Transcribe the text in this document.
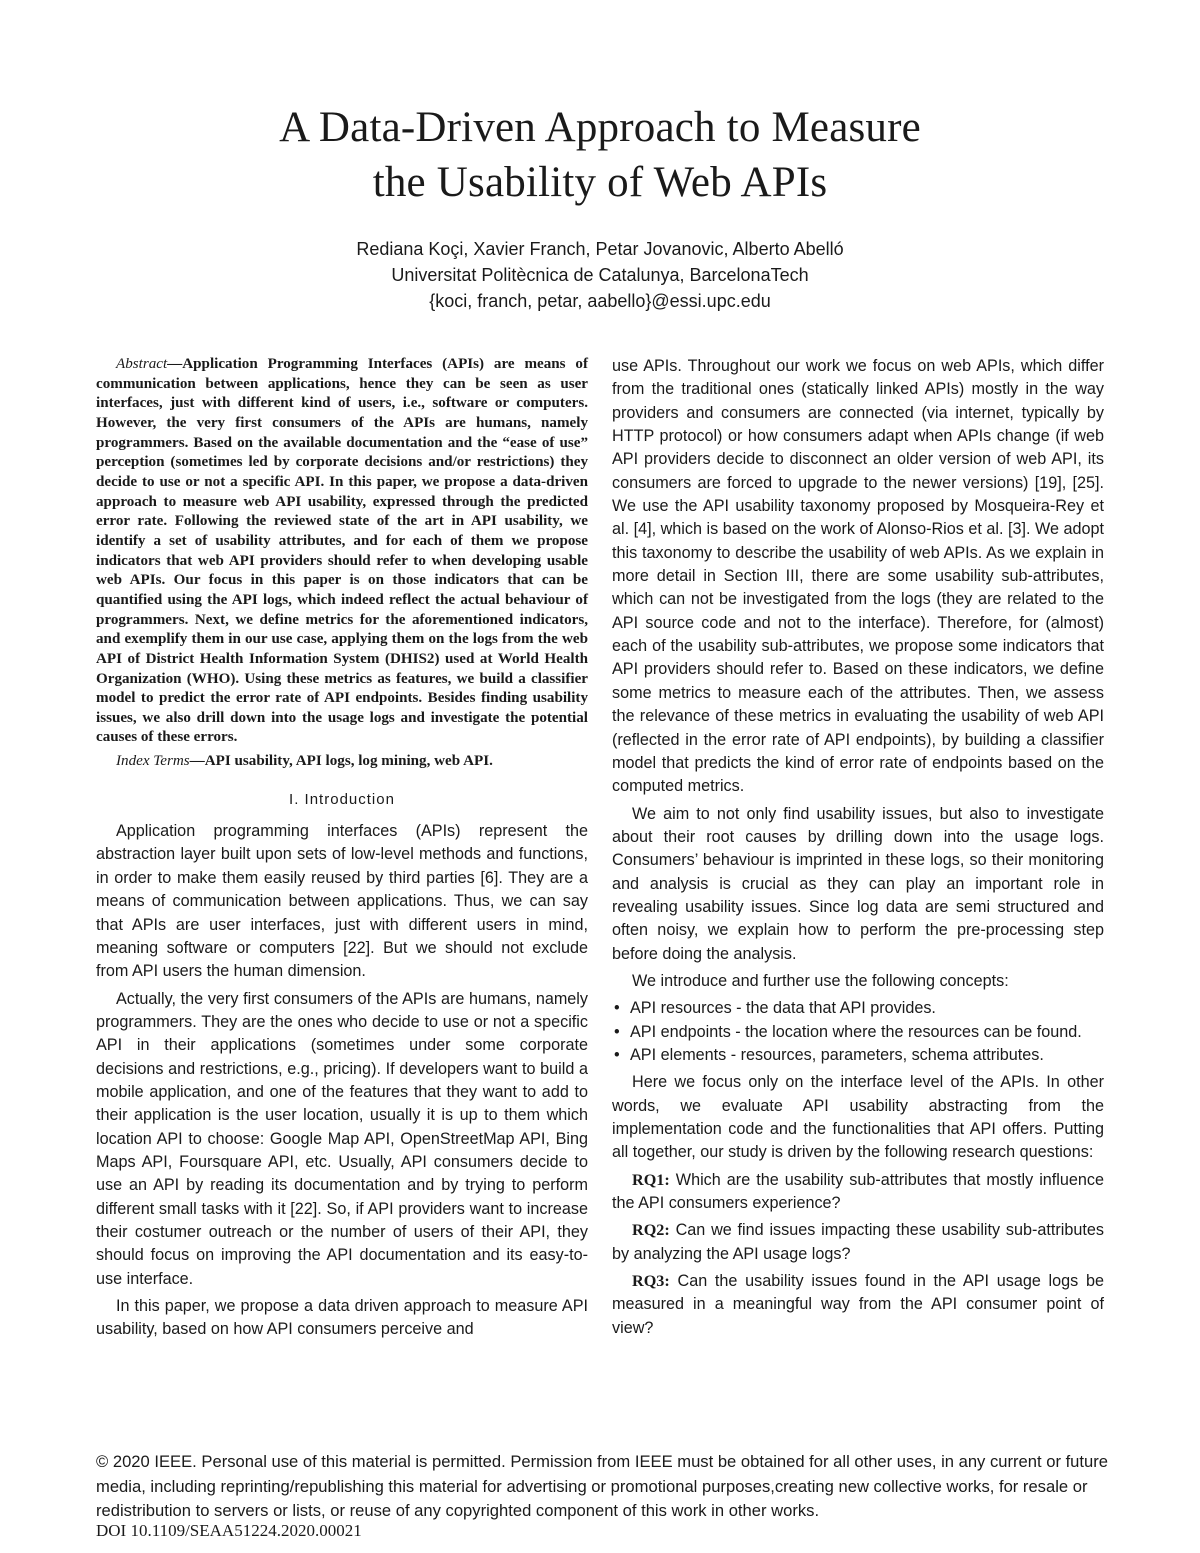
A Data-Driven Approach to Measure
the Usability of Web APIs
Rediana Koçi, Xavier Franch, Petar Jovanovic, Alberto Abelló
Universitat Politècnica de Catalunya, BarcelonaTech
{koci, franch, petar, aabello}@essi.upc.edu

Abstract—Application Programming Interfaces (APIs) are means of communication between applications, hence they can be seen as user interfaces, just with different kind of users, i.e., software or computers. However, the very first consumers of the APIs are humans, namely programmers. Based on the available documentation and the “ease of use” perception (sometimes led by corporate decisions and/or restrictions) they decide to use or not a specific API. In this paper, we propose a data-driven approach to measure web API usability, expressed through the predicted error rate. Following the reviewed state of the art in API usability, we identify a set of usability attributes, and for each of them we propose indicators that web API providers should refer to when developing usable web APIs. Our focus in this paper is on those indicators that can be quantified using the API logs, which indeed reflect the actual behaviour of programmers. Next, we define metrics for the aforementioned indicators, and exemplify them in our use case, applying them on the logs from the web API of District Health Information System (DHIS2) used at World Health Organization (WHO). Using these metrics as features, we build a classifier model to predict the error rate of API endpoints. Besides finding usability issues, we also drill down into the usage logs and investigate the potential causes of these errors.

Index Terms—API usability, API logs, log mining, web API.

I. Introduction

Application programming interfaces (APIs) represent the abstraction layer built upon sets of low-level methods and functions, in order to make them easily reused by third parties [6]. They are a means of communication between applications. Thus, we can say that APIs are user interfaces, just with different users in mind, meaning software or computers [22]. But we should not exclude from API users the human dimension.

Actually, the very first consumers of the APIs are humans, namely programmers. They are the ones who decide to use or not a specific API in their applications (sometimes under some corporate decisions and restrictions, e.g., pricing). If developers want to build a mobile application, and one of the features that they want to add to their application is the user location, usually it is up to them which location API to choose: Google Map API, OpenStreetMap API, Bing Maps API, Foursquare API, etc. Usually, API consumers decide to use an API by reading its documentation and by trying to perform different small tasks with it [22]. So, if API providers want to increase their costumer outreach or the number of users of their API, they should focus on improving the API documentation and its easy-to-use interface.

In this paper, we propose a data driven approach to measure API usability, based on how API consumers perceive and

use APIs. Throughout our work we focus on web APIs, which differ from the traditional ones (statically linked APIs) mostly in the way providers and consumers are connected (via internet, typically by HTTP protocol) or how consumers adapt when APIs change (if web API providers decide to disconnect an older version of web API, its consumers are forced to upgrade to the newer versions) [19], [25]. We use the API usability taxonomy proposed by Mosqueira-Rey et al. [4], which is based on the work of Alonso-Rios et al. [3]. We adopt this taxonomy to describe the usability of web APIs. As we explain in more detail in Section III, there are some usability sub-attributes, which can not be investigated from the logs (they are related to the API source code and not to the interface). Therefore, for (almost) each of the usability sub-attributes, we propose some indicators that API providers should refer to. Based on these indicators, we define some metrics to measure each of the attributes. Then, we assess the relevance of these metrics in evaluating the usability of web API (reflected in the error rate of API endpoints), by building a classifier model that predicts the kind of error rate of endpoints based on the computed metrics.

We aim to not only find usability issues, but also to investigate about their root causes by drilling down into the usage logs. Consumers’ behaviour is imprinted in these logs, so their monitoring and analysis is crucial as they can play an important role in revealing usability issues. Since log data are semi structured and often noisy, we explain how to perform the pre-processing step before doing the analysis.

We introduce and further use the following concepts:

• API resources - the data that API provides.
• API endpoints - the location where the resources can be found.
• API elements - resources, parameters, schema attributes.

Here we focus only on the interface level of the APIs. In other words, we evaluate API usability abstracting from the implementation code and the functionalities that API offers. Putting all together, our study is driven by the following research questions:

RQ1: Which are the usability sub-attributes that mostly influence the API consumers experience?

RQ2: Can we find issues impacting these usability sub-attributes by analyzing the API usage logs?

RQ3: Can the usability issues found in the API usage logs be measured in a meaningful way from the API consumer point of view?

© 2020 IEEE. Personal use of this material is permitted. Permission from IEEE must be obtained for all other uses, in any current or future media, including reprinting/republishing this material for advertising or promotional purposes,creating new collective works, for resale or redistribution to servers or lists, or reuse of any copyrighted component of this work in other works.
DOI 10.1109/SEAA51224.2020.00021
